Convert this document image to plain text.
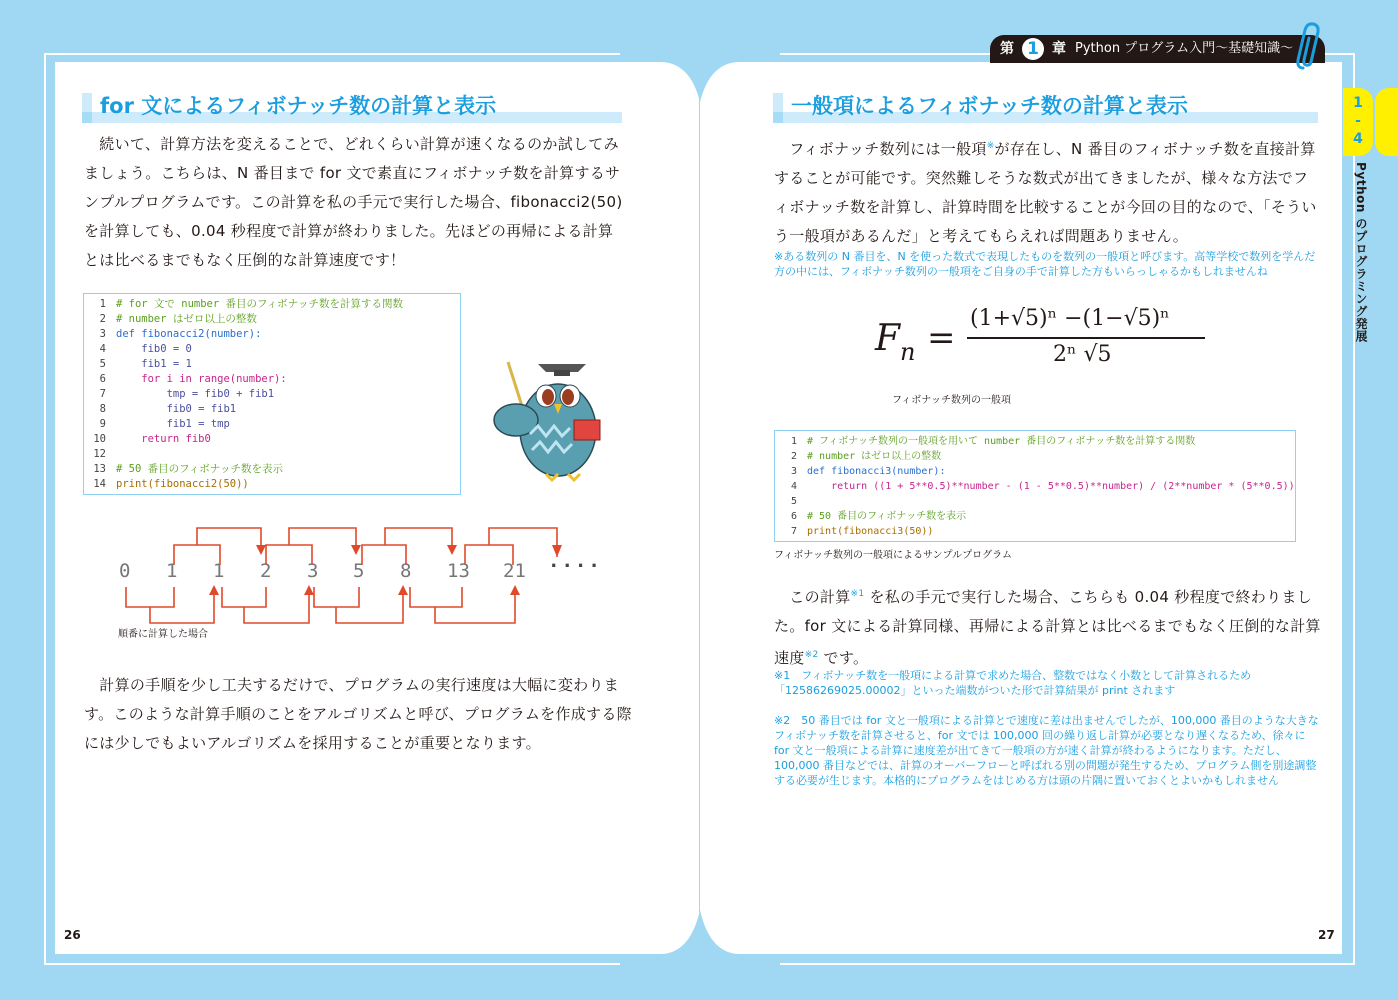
第 1 章 Python プログラム入門〜基礎知識〜
1
-
4
Python のプログラミング発展
for 文によるフィボナッチ数の計算と表示

　続いて、計算方法を変えることで、どれくらい計算が速くなるのか試してみましょう。こちらは、N 番目まで for 文で素直にフィボナッチ数を計算するサンプルプログラムです。この計算を私の手元で実行した場合、fibonacci2(50) を計算しても、0.04 秒程度で計算が終わりました。先ほどの再帰による計算とは比べるまでもなく圧倒的な計算速度です！

1 # for 文で number 番目のフィボナッチ数を計算する関数
2 # number はゼロ以上の整数
3 def fibonacci2(number):
4 fib0 = 0
5 fib1 = 1
6 for i in range(number):
7 tmp = fib0 + fib1
8 fib0 = fib1
9 fib1 = tmp
10 return fib0
12
13 # 50 番目のフィボナッチ数を表示
14 print(fibonacci2(50))
0 1 1 2 3 5 8 13 21 ····
順番に計算した場合

　計算の手順を少し工夫するだけで、プログラムの実行速度は大幅に変わります。このような計算手順のことをアルゴリズムと呼び、プログラムを作成する際には少しでもよいアルゴリズムを採用することが重要となります。

26
一般項によるフィボナッチ数の計算と表示

　フィボナッチ数列には一般項※が存在し、N 番目のフィボナッチ数を直接計算することが可能です。突然難しそうな数式が出てきましたが、様々な方法でフィボナッチ数を計算し、計算時間を比較することが今回の目的なので、「そういう一般項があるんだ」と考えてもらえれば問題ありません。

※ある数列の N 番目を、N を使った数式で表現したものを数列の一般項と呼びます。高等学校で数列を学んだ方の中には、フィボナッチ数列の一般項をご自身の手で計算した方もいらっしゃるかもしれませんね

F n = (1+√5)ⁿ −(1−√5)ⁿ
2ⁿ √5
フィボナッチ数列の一般項
1	# フィボナッチ数列の一般項を用いて number 番目のフィボナッチ数を計算する関数
2	# number はゼロ以上の整数
3	def fibonacci3(number):
4	return ((1 + 5**0.5)**number - (1 - 5**0.5)**number) / (2**number * (5**0.5))
5
6	# 50 番目のフィボナッチ数を表示
7	print(fibonacci3(50))
フィボナッチ数列の一般項によるサンプルプログラム

　この計算$^{※1}$ を私の手元で実行した場合、こちらも 0.04 秒程度で終わりました。for 文による計算同様、再帰による計算とは比べるまでもなく圧倒的な計算速度$^{※2}$ です。

※1　フィボナッチ数を一般項による計算で求めた場合、整数ではなく小数として計算されるため「12586269025.00002」といった端数がついた形で計算結果が print されます

※2　50 番目では for 文と一般項による計算とで速度に差は出ませんでしたが、100,000 番目のような大きなフィボナッチ数を計算させると、for 文では 100,000 回の繰り返し計算が必要となり遅くなるため、徐々に for 文と一般項による計算に速度差が出てきて一般項の方が速く計算が終わるようになります。ただし、100,000 番目などでは、計算のオーバーフローと呼ばれる別の問題が発生するため、プログラム側を別途調整する必要が生じます。本格的にプログラムをはじめる方は頭の片隅に置いておくとよいかもしれません

27
